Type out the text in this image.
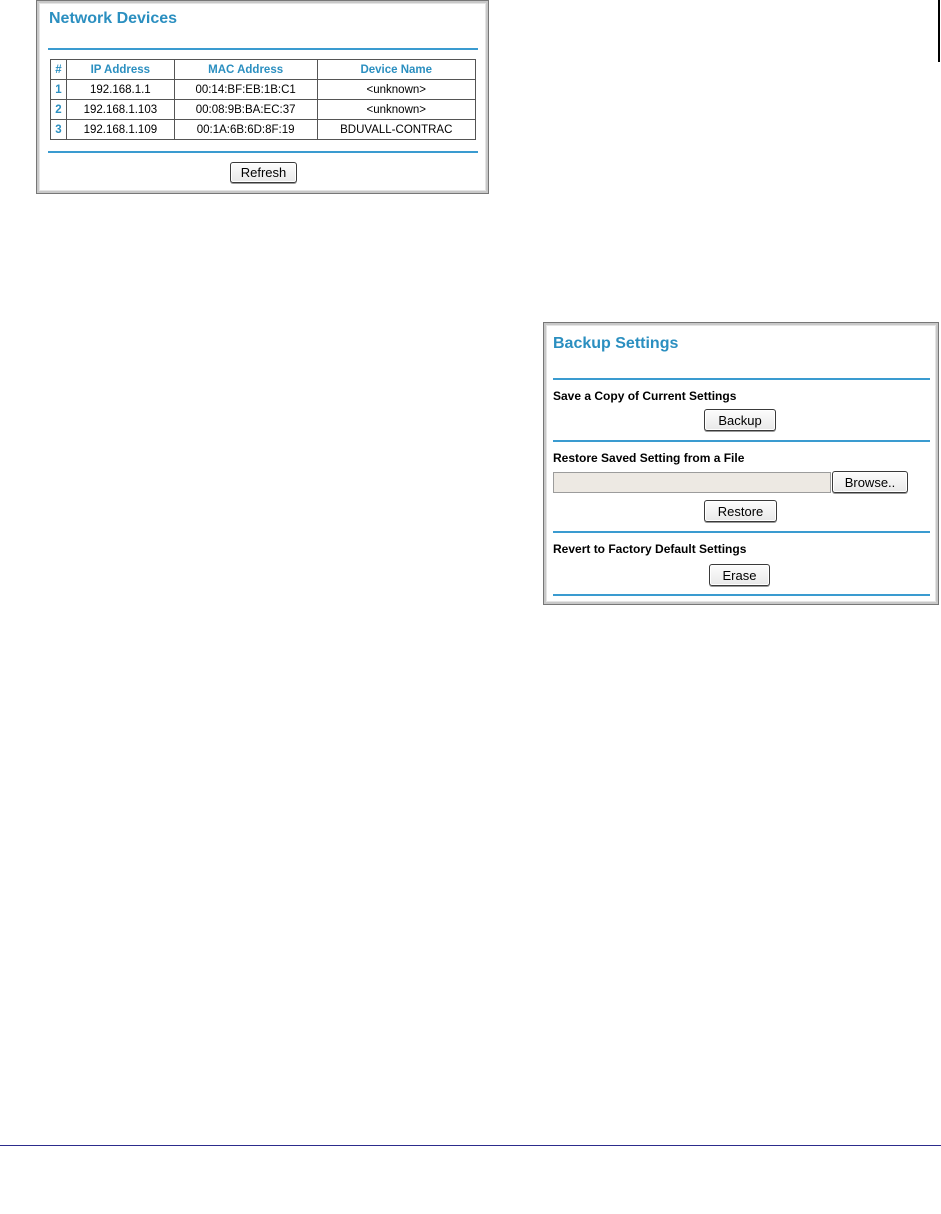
Network Devices
#	IP Address	MAC Address	Device Name
1	192.168.1.1	00:14:BF:EB:1B:C1	<unknown>
2	192.168.1.103	00:08:9B:BA:EC:37	<unknown>
3	192.168.1.109	00:1A:6B:6D:8F:19	BDUVALL-CONTRAC
Refresh
Backup Settings
Save a Copy of Current Settings
Backup
Restore Saved Setting from a File
Browse..
Restore
Revert to Factory Default Settings
Erase
